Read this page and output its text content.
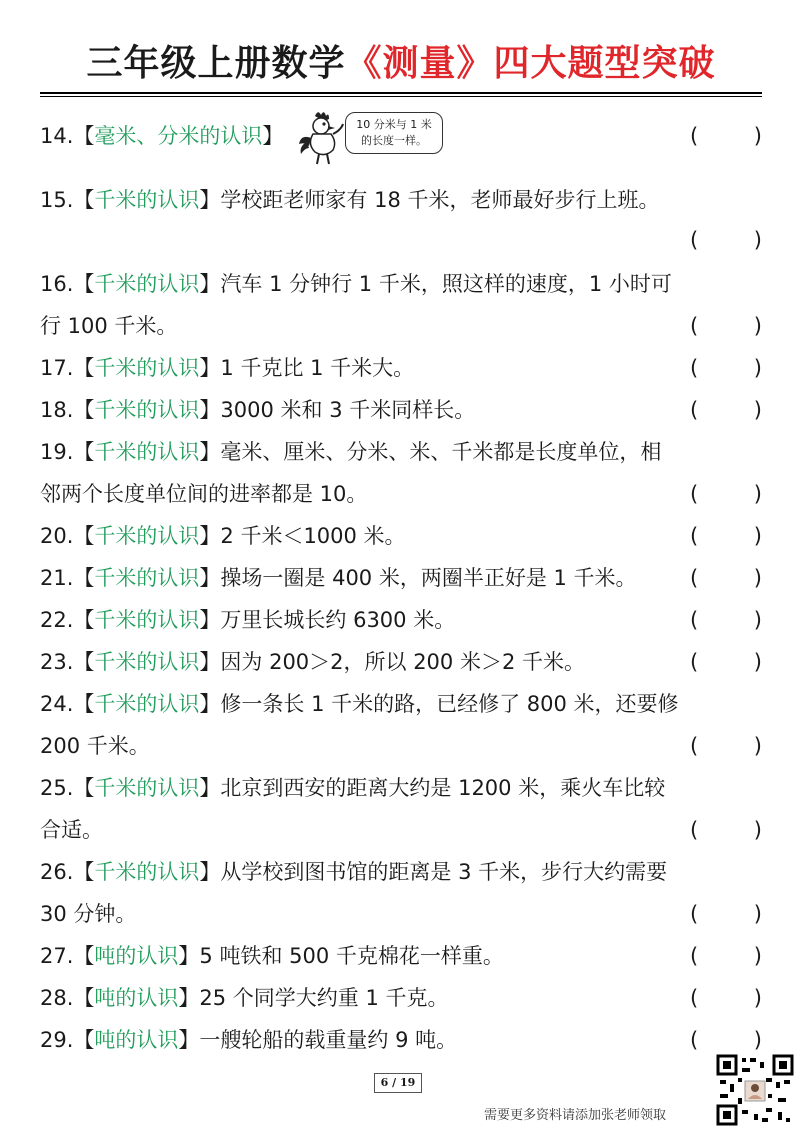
三年级上册数学《测量》四大题型突破
10 分米与 1 米
的长度一样。
14.【毫米、分米的认识】	(	)
15.【千米的认识】学校距老师家有 18 千米，老师最好步行上班。
(	)
16.【千米的认识】汽车 1 分钟行 1 千米，照这样的速度，1 小时可
行 100 千米。	(	)
17.【千米的认识】1 千克比 1 千米大。	(	)
18.【千米的认识】3000 米和 3 千米同样长。	(	)
19.【千米的认识】毫米、厘米、分米、米、千米都是长度单位，相
邻两个长度单位间的进率都是 10。	(	)
20.【千米的认识】2 千米＜1000 米。	(	)
21.【千米的认识】操场一圈是 400 米，两圈半正好是 1 千米。	(	)
22.【千米的认识】万里长城长约 6300 米。	(	)
23.【千米的认识】因为 200＞2，所以 200 米＞2 千米。	(	)
24.【千米的认识】修一条长 1 千米的路，已经修了 800 米，还要修
200 千米。	(	)
25.【千米的认识】北京到西安的距离大约是 1200 米，乘火车比较
合适。	(	)
26.【千米的认识】从学校到图书馆的距离是 3 千米，步行大约需要
30 分钟。	(	)
27.【吨的认识】5 吨铁和 500 千克棉花一样重。	(	)
28.【吨的认识】25 个同学大约重 1 千克。	(	)
29.【吨的认识】一艘轮船的载重量约 9 吨。	(	)
6 / 19
需要更多资料请添加张老师领取
